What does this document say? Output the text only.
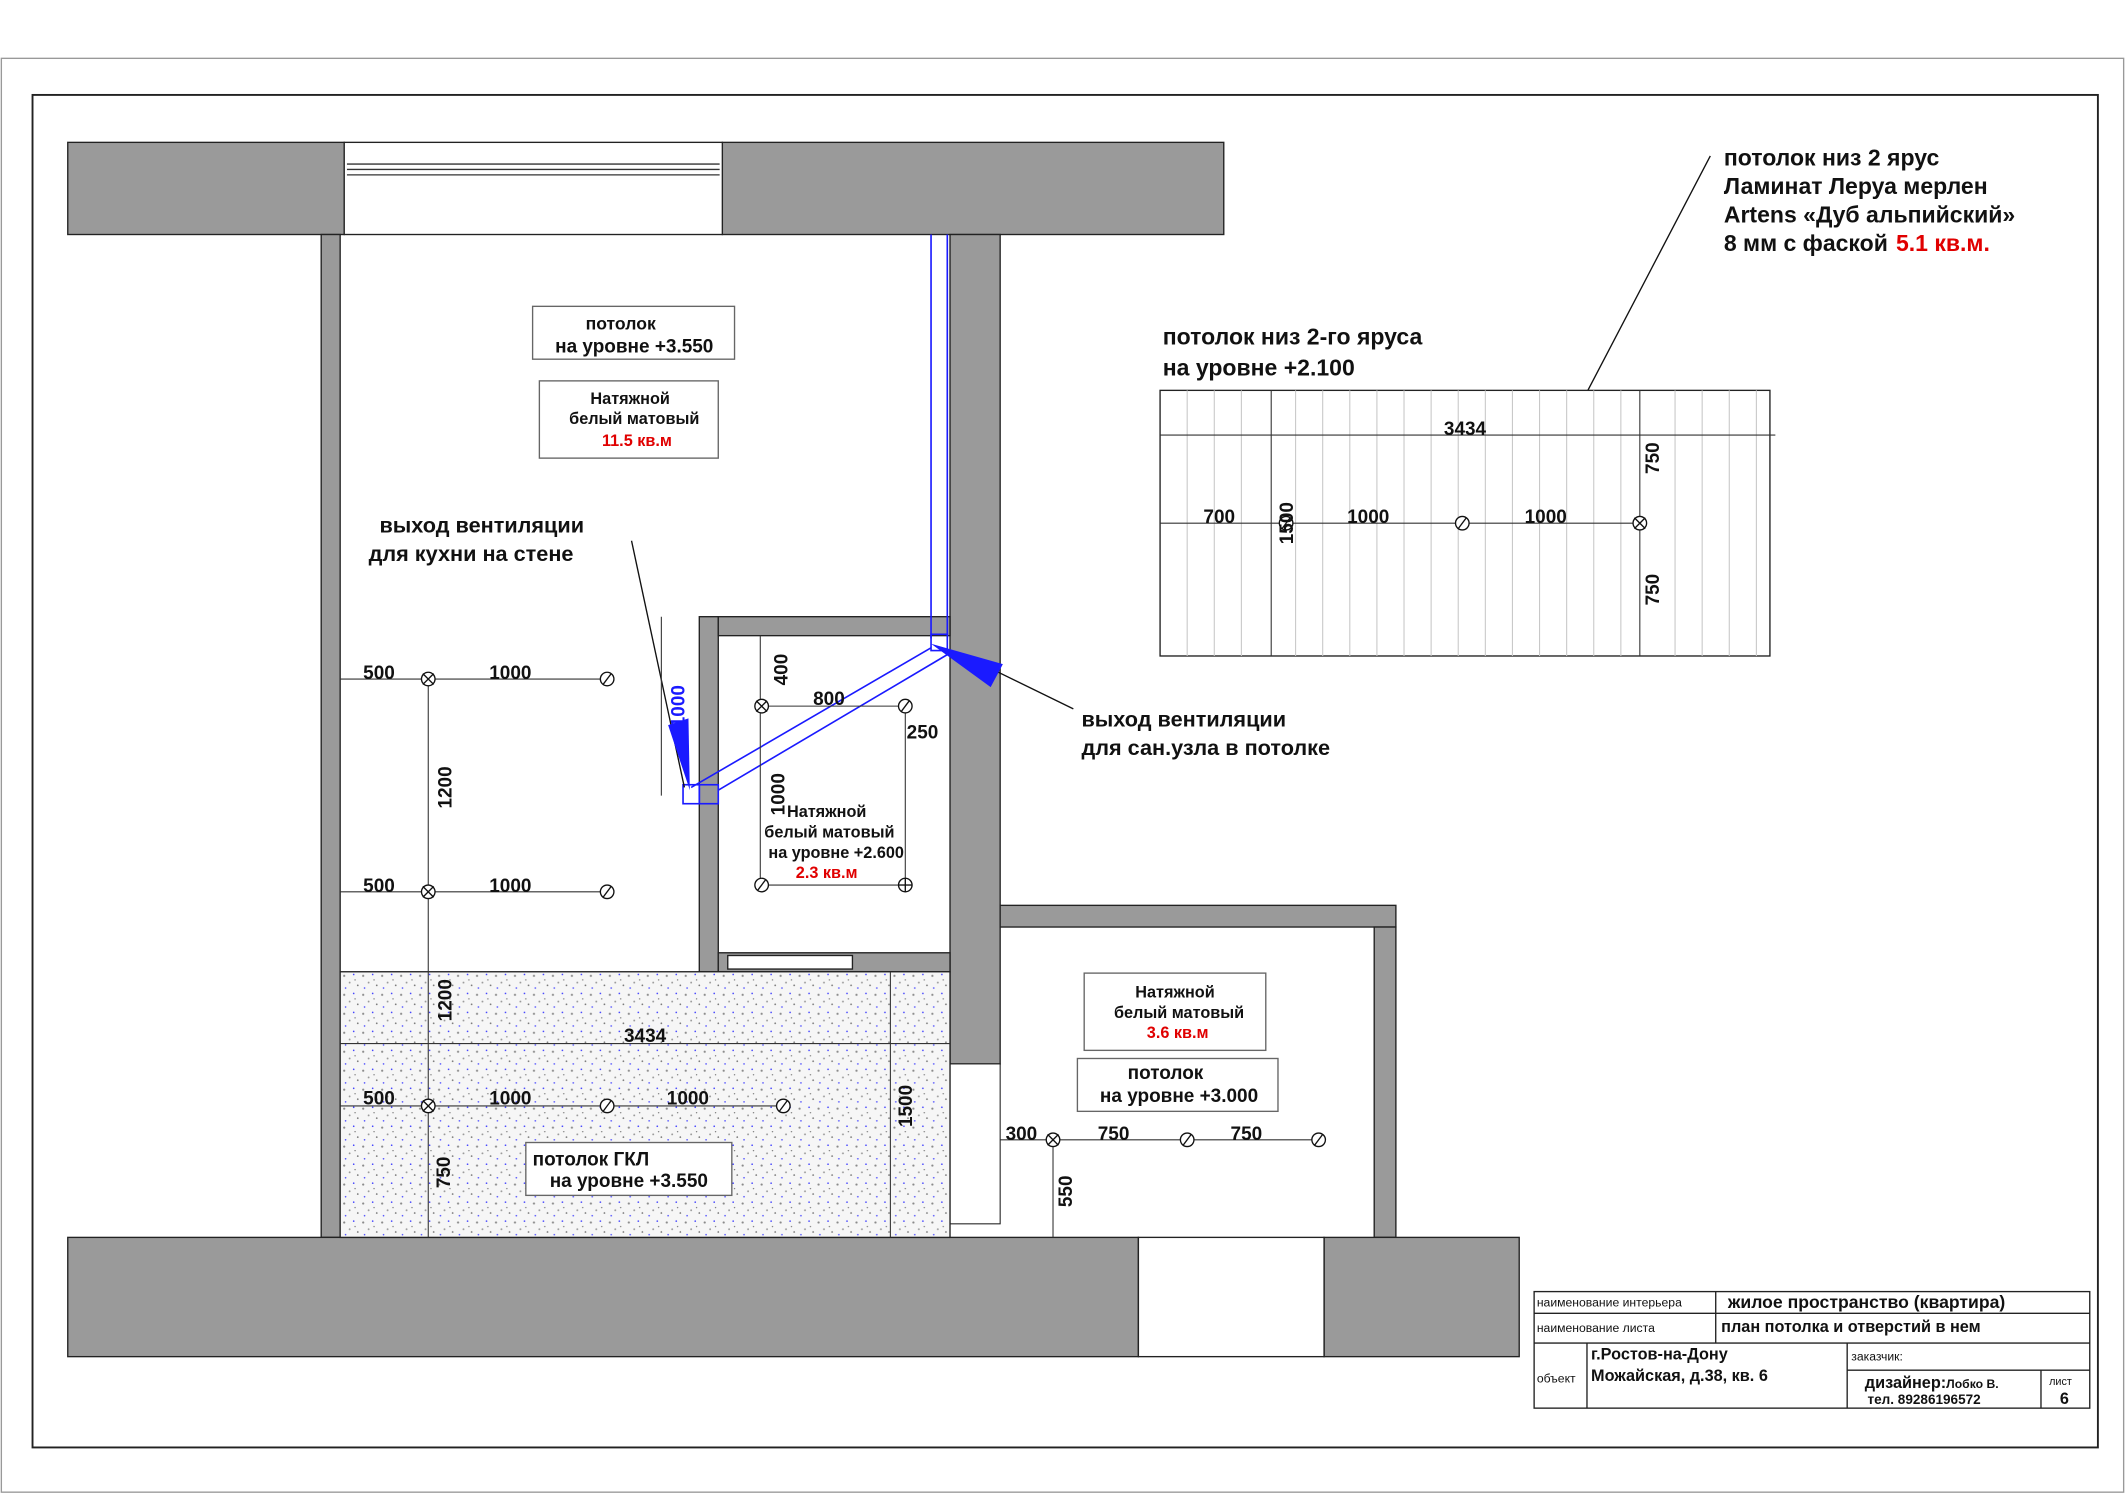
потолок
на уровне +3.550
Натяжной
белый матовый
11.5 кв.м
выход вентиляции
для кухни на стене
500	1000
1200
500	1000
1200
1000
400
800
250
1000
Натяжной
белый матовый
на уровне +2.600
2.3 кв.м
выход вентиляции
для сан.узла в потолке
3434
500	1000	1000
750
1500
потолок ГКЛ
на уровне +3.550
Натяжной
белый матовый
3.6 кв.м
потолок
на уровне +3.000
300	750	750
550
потолок низ 2 ярус
Ламинат Леруа мерлен
Artens «Дуб альпийский»
8 мм с фаской 5.1 кв.м.
потолок низ 2-го яруса
на уровне +2.100
3434
700	1500	1000	1000
750
750
наименование интерьера	жилое пространство (квартира)
наименование листа	план потолка и отверстий в нем
объект
г.Ростов-на-Дону
Можайская, д.38, кв. 6
заказчик:
дизайнер:Лобко В.
тел. 89286196572
лист
6
